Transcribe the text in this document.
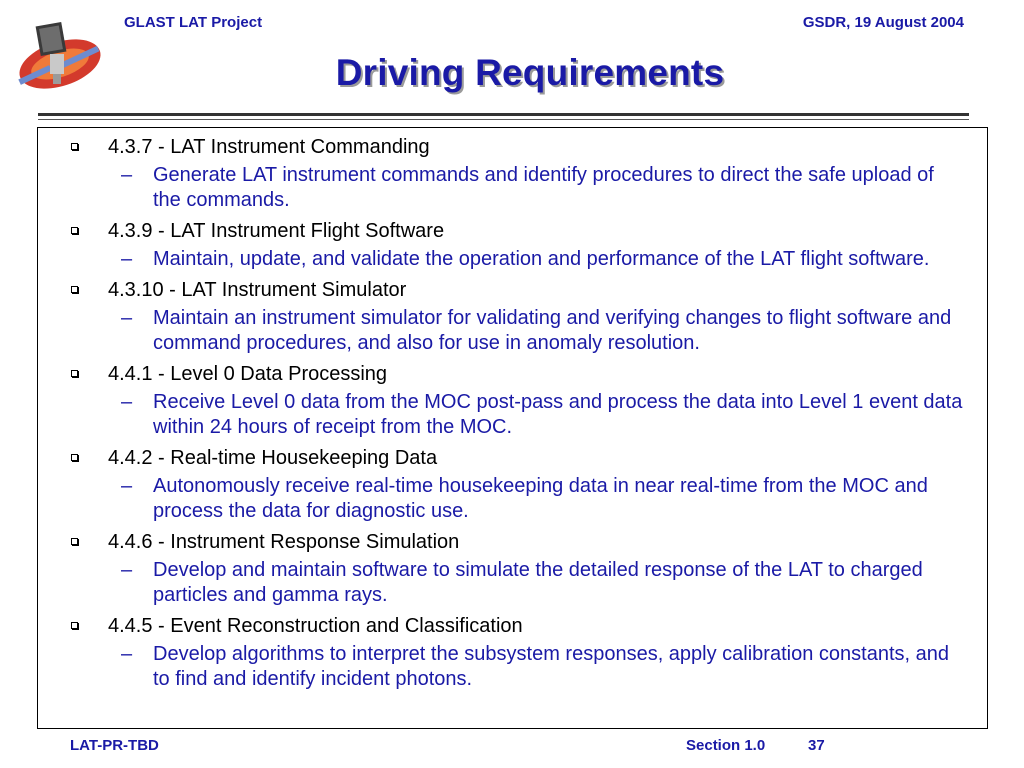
GLAST LAT Project	GSDR, 19 August 2004
Driving Requirements
4.3.7 - LAT Instrument Commanding
– Generate LAT instrument commands and identify procedures to direct the safe upload of the commands.
4.3.9 - LAT Instrument Flight Software
– Maintain, update, and validate the operation and performance of the LAT flight software.
4.3.10 - LAT Instrument Simulator
– Maintain an instrument simulator for validating and verifying changes to flight software and command procedures, and also for use in anomaly resolution.
4.4.1 - Level 0 Data Processing
– Receive Level 0 data from the MOC post-pass and process the data into Level 1 event data within 24 hours of receipt from the MOC.
4.4.2 - Real-time Housekeeping Data
– Autonomously receive real-time housekeeping data in near real-time from the MOC and process the data for diagnostic use.
4.4.6 - Instrument Response Simulation
– Develop and maintain software to simulate the detailed response of the LAT to charged particles and gamma rays.
4.4.5 - Event Reconstruction and Classification
– Develop algorithms to interpret the subsystem responses, apply calibration constants, and to find and identify incident photons.
LAT-PR-TBD	Section 1.0	37
